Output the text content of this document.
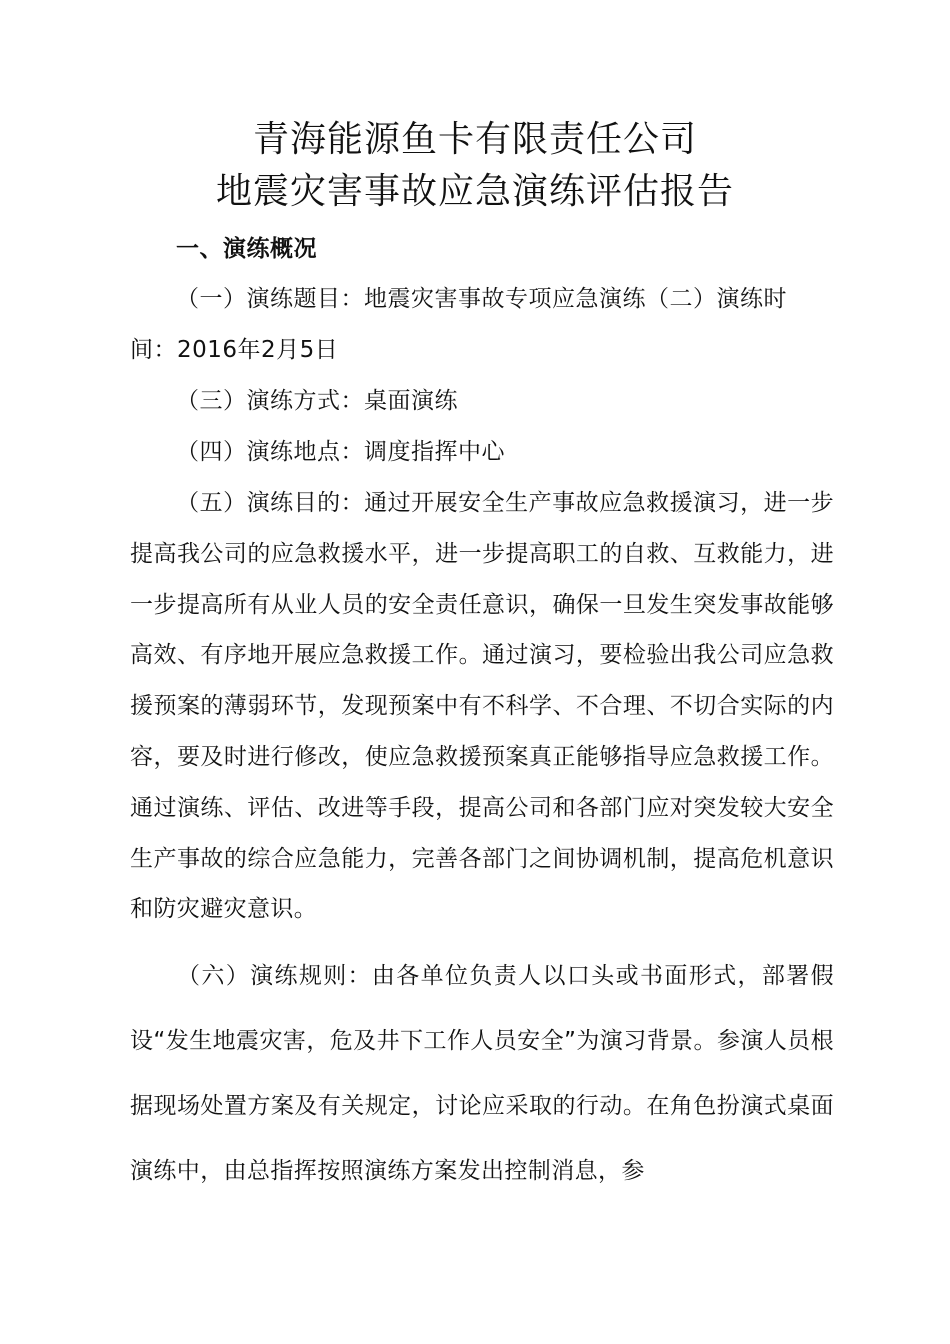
青海能源鱼卡有限责任公司
地震灾害事故应急演练评估报告
一、演练概况
（一）演练题目：地震灾害事故专项应急演练（二）演练时
间：2016年2月5日
（三）演练方式：桌面演练
（四）演练地点：调度指挥中心
（五）演练目的：通过开展安全生产事故应急救援演习，进一步提高我公司的应急救援水平，进一步提高职工的自救、互救能力，进一步提高所有从业人员的安全责任意识，确保一旦发生突发事故能够高效、有序地开展应急救援工作。通过演习，要检验出我公司应急救援预案的薄弱环节，发现预案中有不科学、不合理、不切合实际的内容，要及时进行修改，使应急救援预案真正能够指导应急救援工作。通过演练、评估、改进等手段，提高公司和各部门应对突发较大安全生产事故的综合应急能力，完善各部门之间协调机制，提高危机意识和防灾避灾意识。
（六）演练规则：由各单位负责人以口头或书面形式，部署假设“发生地震灾害，危及井下工作人员安全”为演习背景。参演人员根据现场处置方案及有关规定，讨论应采取的行动。在角色扮演式桌面演练中，由总指挥按照演练方案发出控制消息，参
